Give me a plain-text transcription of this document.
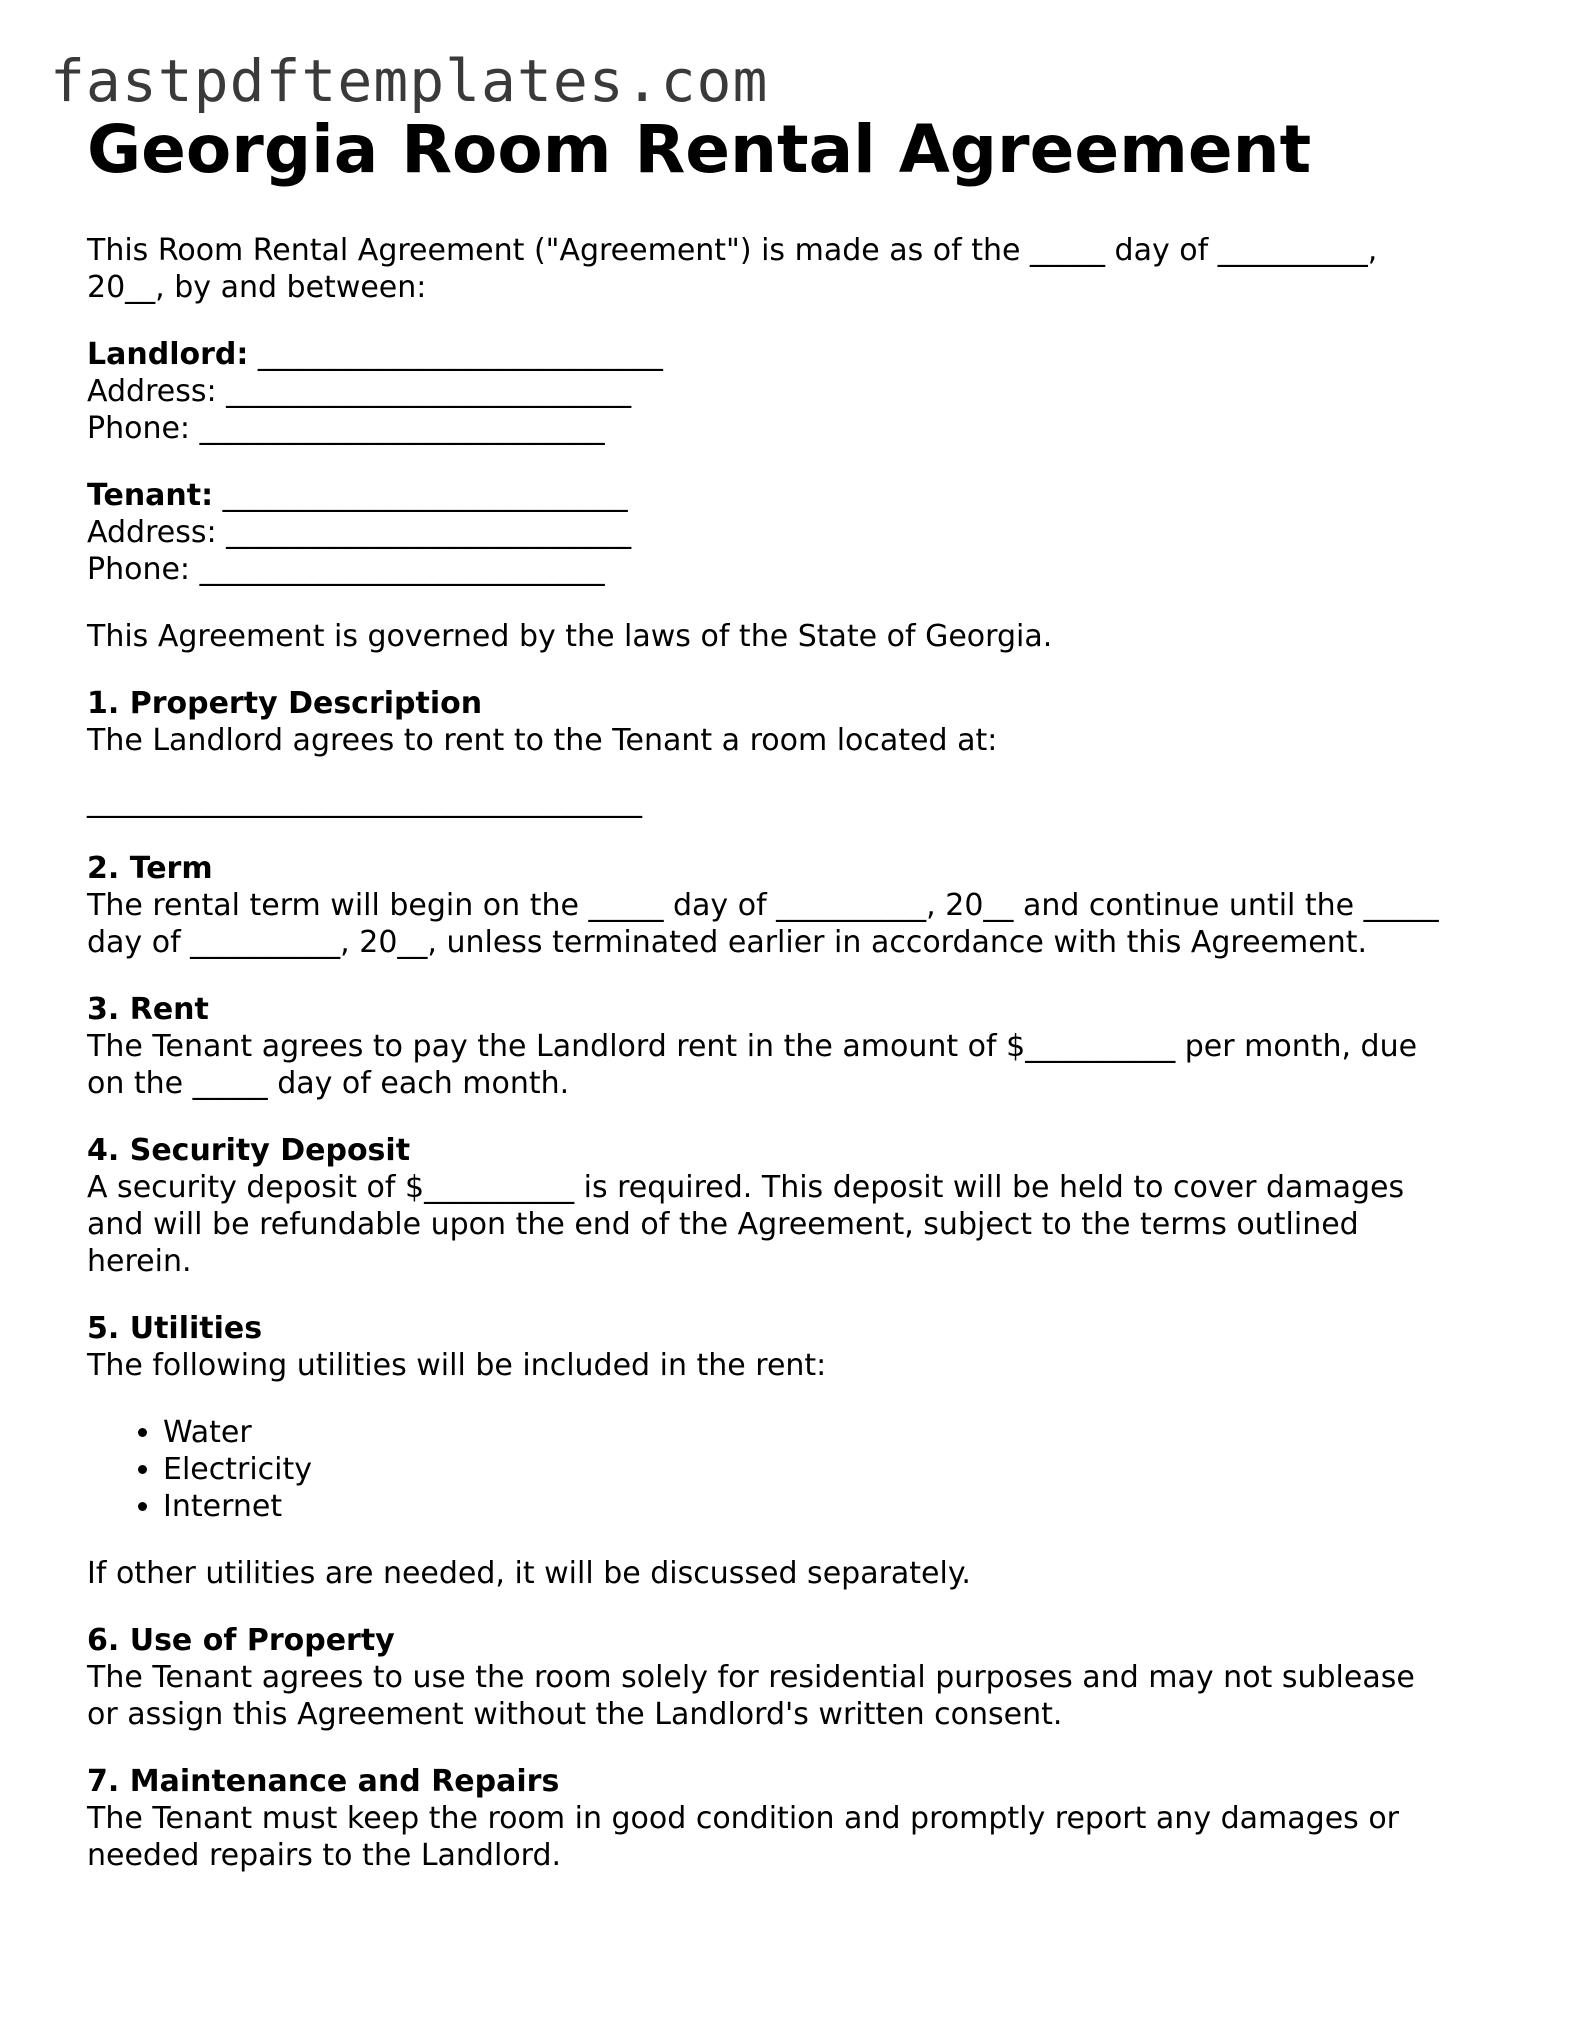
fastpdftemplates.com
Georgia Room Rental Agreement

This Room Rental Agreement ("Agreement") is made as of the _____ day of __________,
20__, by and between:

Landlord: ___________________________
Address: ___________________________
Phone: ___________________________

Tenant: ___________________________
Address: ___________________________
Phone: ___________________________

This Agreement is governed by the laws of the State of Georgia.

1. Property Description
The Landlord agrees to rent to the Tenant a room located at:
_____________________________________

2. Term
The rental term will begin on the _____ day of __________, 20__ and continue until the _____
day of __________, 20__, unless terminated earlier in accordance with this Agreement.

3. Rent
The Tenant agrees to pay the Landlord rent in the amount of $__________ per month, due
on the _____ day of each month.

4. Security Deposit
A security deposit of $__________ is required. This deposit will be held to cover damages
and will be refundable upon the end of the Agreement, subject to the terms outlined
herein.

5. Utilities
The following utilities will be included in the rent:

• Water
• Electricity
• Internet

If other utilities are needed, it will be discussed separately.

6. Use of Property
The Tenant agrees to use the room solely for residential purposes and may not sublease
or assign this Agreement without the Landlord's written consent.

7. Maintenance and Repairs
The Tenant must keep the room in good condition and promptly report any damages or
needed repairs to the Landlord.
